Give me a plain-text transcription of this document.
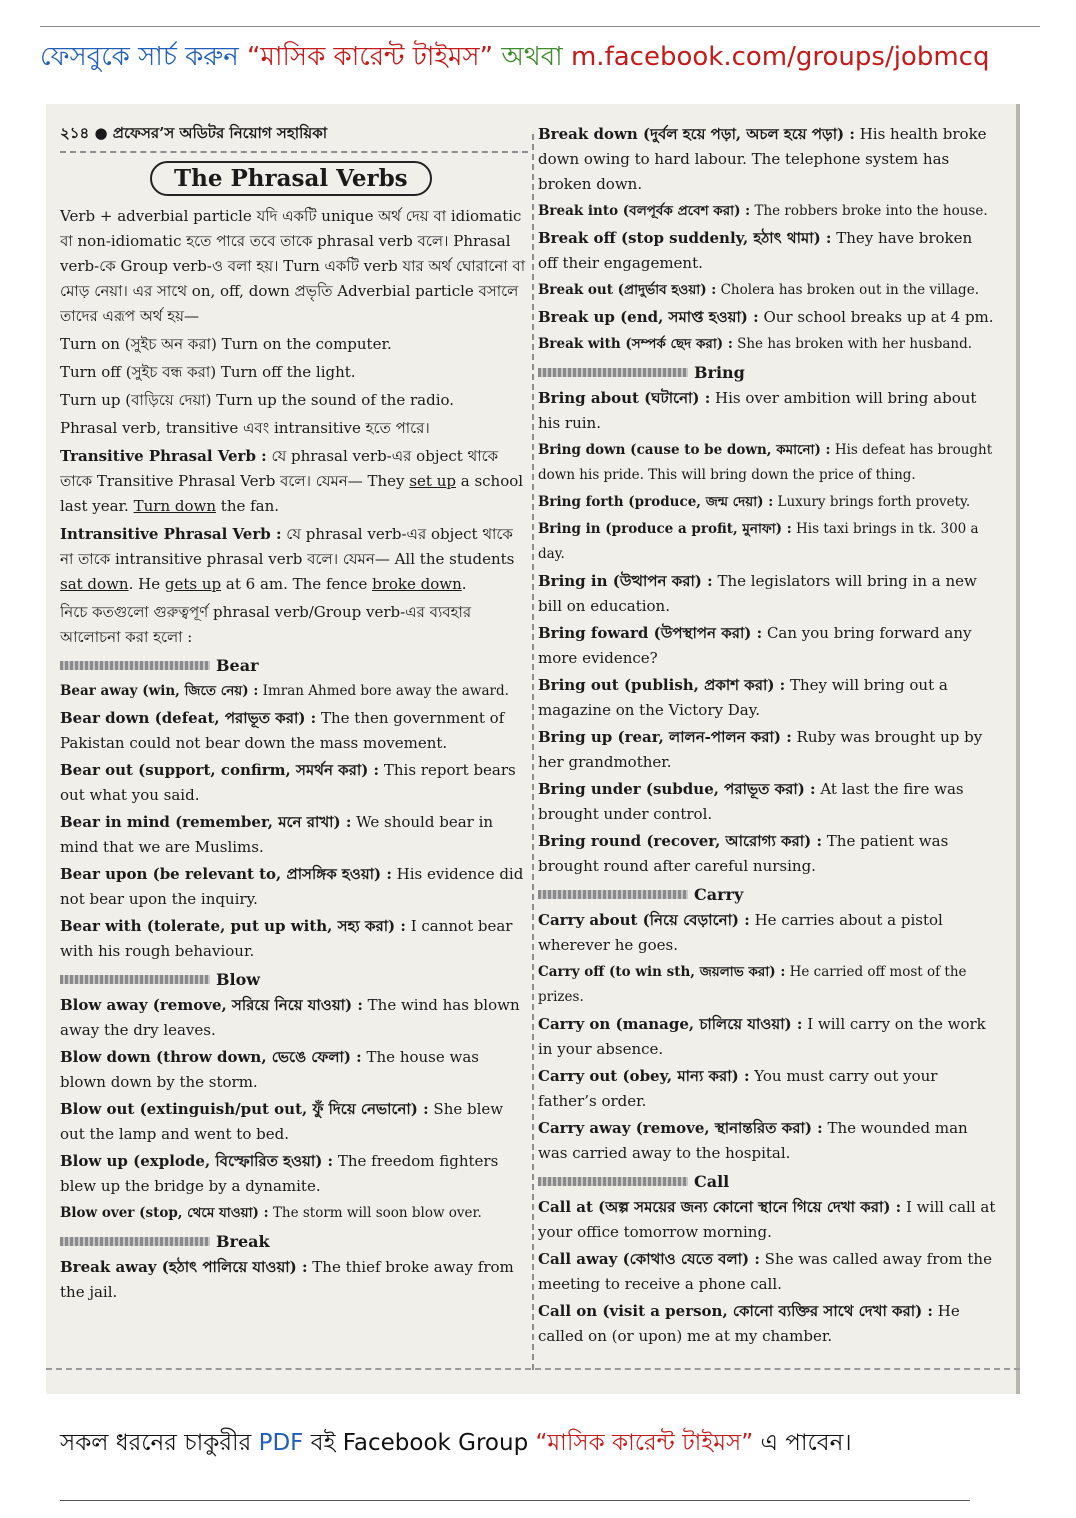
ফেসবুকে সার্চ করুন “মাসিক কারেন্ট টাইমস” অথবা m.facebook.com/groups/jobmcq
২১৪ ● প্রফেসর’স অডিটর নিয়োগ সহায়িকা
The Phrasal Verbs

Verb + adverbial particle যদি একটি unique অর্থ দেয় বা idiomatic বা non-idiomatic হতে পারে তবে তাকে phrasal verb বলে। Phrasal verb-কে Group verb-ও বলা হয়। Turn একটি verb যার অর্থ ঘোরানো বা মোড় নেয়া। এর সাথে on, off, down প্রভৃতি Adverbial particle বসালে তাদের এরূপ অর্থ হয়—

Turn on (সুইচ অন করা) Turn on the computer.

Turn off (সুইচ বন্ধ করা) Turn off the light.

Turn up (বাড়িয়ে দেয়া) Turn up the sound of the radio.

Phrasal verb, transitive এবং intransitive হতে পারে।

Transitive Phrasal Verb : যে phrasal verb-এর object থাকে তাকে Transitive Phrasal Verb বলে। যেমন— They set up a school last year. Turn down the fan.

Intransitive Phrasal Verb : যে phrasal verb-এর object থাকে না তাকে intransitive phrasal verb বলে। যেমন— All the students sat down. He gets up at 6 am. The fence broke down.

নিচে কতগুলো গুরুত্বপূর্ণ phrasal verb/Group verb-এর ব্যবহার আলোচনা করা হলো :

Bear
Bear away (win, জিতে নেয়) : Imran Ahmed bore away the award.
Bear down (defeat, পরাভূত করা) : The then government of Pakistan could not bear down the mass movement.
Bear out (support, confirm, সমর্থন করা) : This report bears out what you said.
Bear in mind (remember, মনে রাখা) : We should bear in mind that we are Muslims.
Bear upon (be relevant to, প্রাসঙ্গিক হওয়া) : His evidence did not bear upon the inquiry.
Bear with (tolerate, put up with, সহ্য করা) : I cannot bear with his rough behaviour.
Blow
Blow away (remove, সরিয়ে নিয়ে যাওয়া) : The wind has blown away the dry leaves.
Blow down (throw down, ভেঙে ফেলা) : The house was blown down by the storm.
Blow out (extinguish/put out, ফুঁ দিয়ে নেভানো) : She blew out the lamp and went to bed.
Blow up (explode, বিস্ফোরিত হওয়া) : The freedom fighters blew up the bridge by a dynamite.
Blow over (stop, থেমে যাওয়া) : The storm will soon blow over.
Break
Break away (হঠাৎ পালিয়ে যাওয়া) : The thief broke away from the jail.
Break down (দুর্বল হয়ে পড়া, অচল হয়ে পড়া) : His health broke down owing to hard labour. The telephone system has broken down.
Break into (বলপূর্বক প্রবেশ করা) : The robbers broke into the house.
Break off (stop suddenly, হঠাৎ থামা) : They have broken off their engagement.
Break out (প্রাদুর্ভাব হওয়া) : Cholera has broken out in the village.
Break up (end, সমাপ্ত হওয়া) : Our school breaks up at 4 pm.
Break with (সম্পর্ক ছেদ করা) : She has broken with her husband.
Bring
Bring about (ঘটানো) : His over ambition will bring about his ruin.
Bring down (cause to be down, কমানো) : His defeat has brought down his pride. This will bring down the price of thing.
Bring forth (produce, জন্ম দেয়া) : Luxury brings forth provety.
Bring in (produce a profit, মুনাফা) : His taxi brings in tk. 300 a day.
Bring in (উত্থাপন করা) : The legislators will bring in a new bill on education.
Bring foward (উপস্থাপন করা) : Can you bring forward any more evidence?
Bring out (publish, প্রকাশ করা) : They will bring out a magazine on the Victory Day.
Bring up (rear, লালন-পালন করা) : Ruby was brought up by her grandmother.
Bring under (subdue, পরাভূত করা) : At last the fire was brought under control.
Bring round (recover, আরোগ্য করা) : The patient was brought round after careful nursing.
Carry
Carry about (নিয়ে বেড়ানো) : He carries about a pistol wherever he goes.
Carry off (to win sth, জয়লাভ করা) : He carried off most of the prizes.
Carry on (manage, চালিয়ে যাওয়া) : I will carry on the work in your absence.
Carry out (obey, মান্য করা) : You must carry out your father’s order.
Carry away (remove, স্থানান্তরিত করা) : The wounded man was carried away to the hospital.
Call
Call at (অল্প সময়ের জন্য কোনো স্থানে গিয়ে দেখা করা) : I will call at your office tomorrow morning.
Call away (কোথাও যেতে বলা) : She was called away from the meeting to receive a phone call.
Call on (visit a person, কোনো ব্যক্তির সাথে দেখা করা) : He called on (or upon) me at my chamber.
সকল ধরনের চাকুরীর PDF বই Facebook Group “মাসিক কারেন্ট টাইমস” এ পাবেন।
